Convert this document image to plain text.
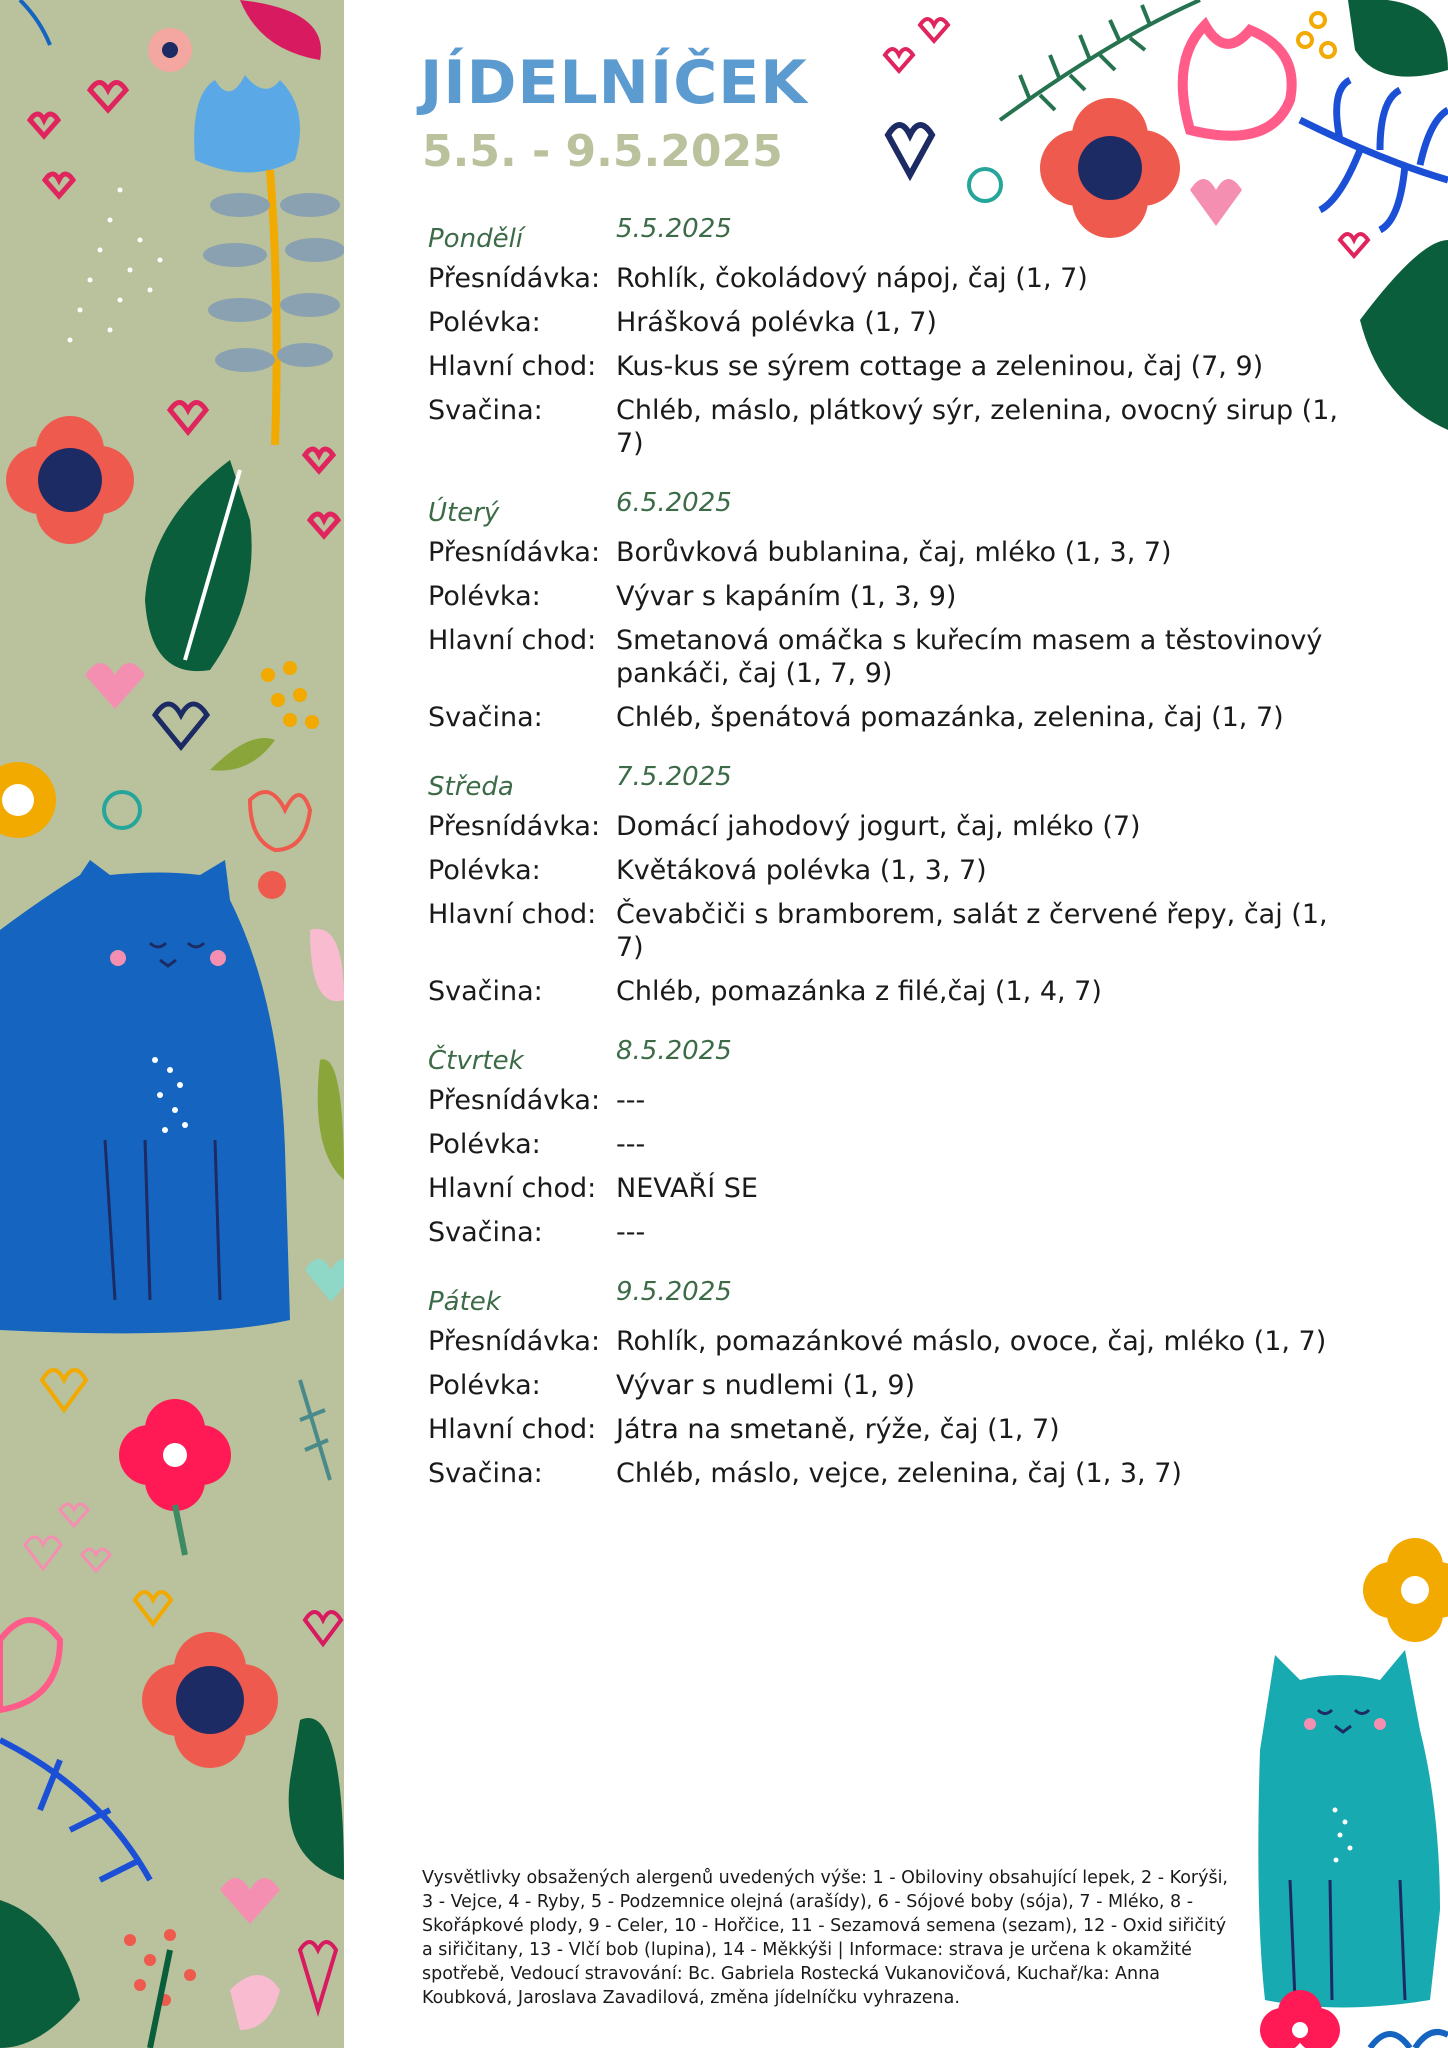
JÍDELNÍČEK
5.5. - 9.5.2025
Pondělí	5.5.2025
Přesnídávka: Rohlík, čokoládový nápoj, čaj (1, 7)
Polévka:	Hrášková polévka (1, 7)
Hlavní chod: Kus-kus se sýrem cottage a zeleninou, čaj (7, 9)
Svačina:	Chléb, máslo, plátkový sýr, zelenina, ovocný sirup (1, 7)
Úterý	6.5.2025
Přesnídávka: Borůvková bublanina, čaj, mléko (1, 3, 7)
Polévka:	Vývar s kapáním (1, 3, 9)
Hlavní chod: Smetanová omáčka s kuřecím masem a těstovinový pankáči, čaj (1, 7, 9)
Svačina:	Chléb, špenátová pomazánka, zelenina, čaj (1, 7)
Středa	7.5.2025
Přesnídávka: Domácí jahodový jogurt, čaj, mléko (7)
Polévka:	Květáková polévka (1, 3, 7)
Hlavní chod: Čevabčiči s bramborem, salát z červené řepy, čaj (1, 7)
Svačina:	Chléb, pomazánka z filé,čaj (1, 4, 7)
Čtvrtek	8.5.2025
Přesnídávka: ---
Polévka:	---
Hlavní chod: NEVAŘÍ SE
Svačina:	---
Pátek	9.5.2025
Přesnídávka: Rohlík, pomazánkové máslo, ovoce, čaj, mléko (1, 7)
Polévka:	Vývar s nudlemi (1, 9)
Hlavní chod: Játra na smetaně, rýže, čaj (1, 7)
Svačina:	Chléb, máslo, vejce, zelenina, čaj (1, 3, 7)
Vysvětlivky obsažených alergenů uvedených výše: 1 - Obiloviny obsahující lepek, 2 - Korýši, 3 - Vejce, 4 - Ryby, 5 - Podzemnice olejná (arašídy), 6 - Sójové boby (sója), 7 - Mléko, 8 - Skořápkové plody, 9 - Celer, 10 - Hořčice, 11 - Sezamová semena (sezam), 12 - Oxid siřičitý a siřičitany, 13 - Vlčí bob (lupina), 14 - Měkkýši | Informace: strava je určena k okamžité spotřebě, Vedoucí stravování: Bc. Gabriela Rostecká Vukanovičová, Kuchař/ka: Anna Koubková, Jaroslava Zavadilová, změna jídelníčku vyhrazena.
